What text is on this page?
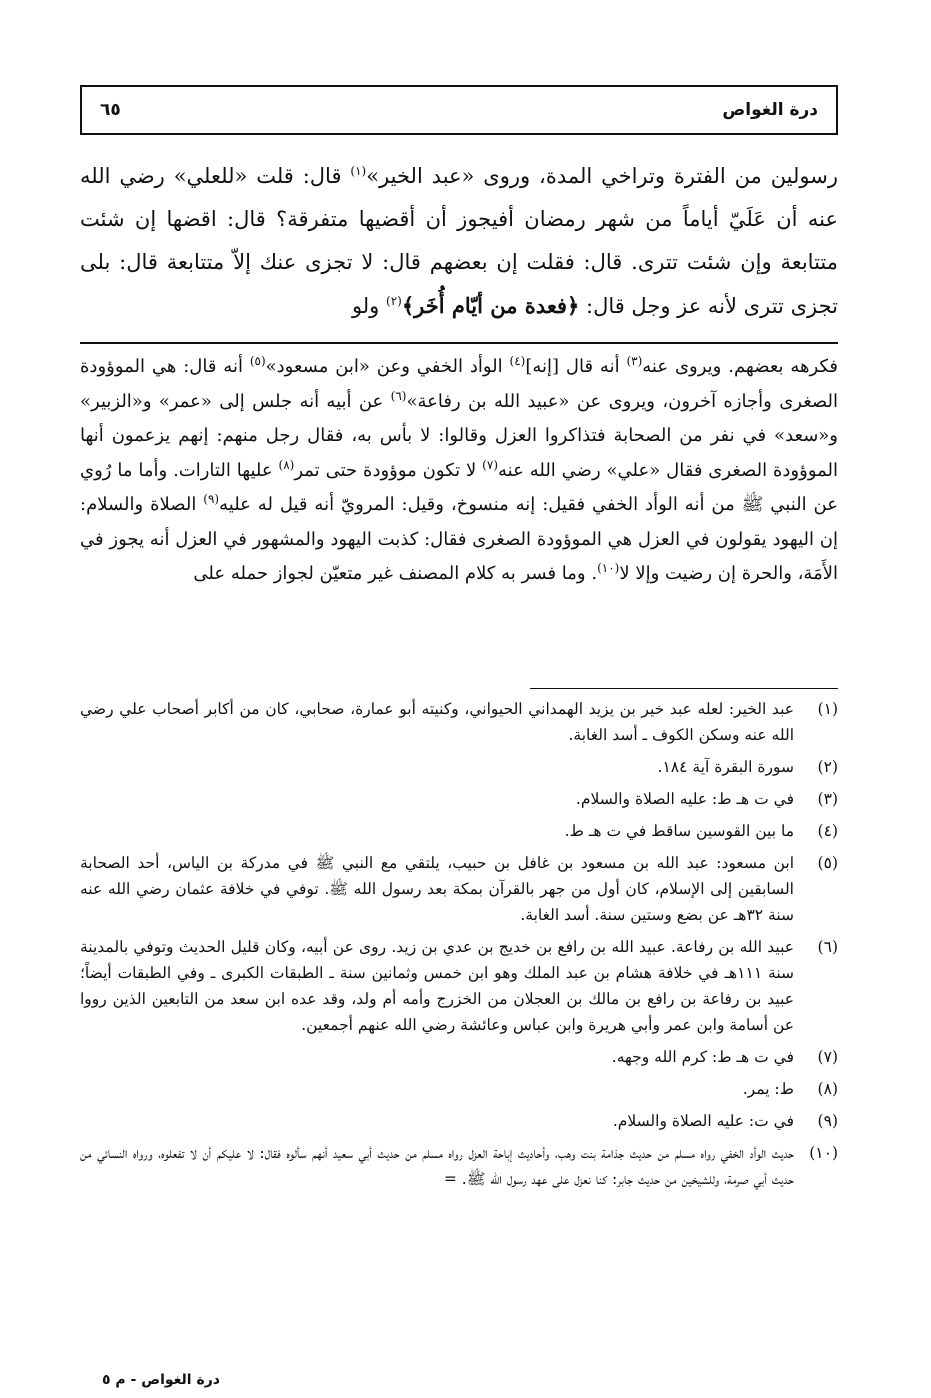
درة الغواص
٦٥

رسولين من الفترة وتراخي المدة، وروى «عبد الخير»$^{(١)}$ قال: قلت «للعلي» رضي الله عنه أن عَلَيّ أياماً من شهر رمضان أفيجوز أن أقضيها متفرقة؟ قال: اقضها إن شئت متتابعة وإن شئت تترى. قال: فقلت إن بعضهم قال: لا تجزى عنك إلاّ متتابعة قال: بلى تجزى تترى لأنه عز وجل قال: ﴿فعدة من أيّام أُخَر﴾$^{(٢)}$ ولو

فكرهه بعضهم. ويروى عنه$^{(٣)}$ أنه قال [إنه]$^{(٤)}$ الوأد الخفي وعن «ابن مسعود»$^{(٥)}$ أنه قال: هي الموؤودة الصغرى وأجازه آخرون، ويروى عن «عبيد الله بن رفاعة»$^{(٦)}$ عن أبيه أنه جلس إلى «عمر» و«الزبير» و«سعد» في نفر من الصحابة فتذاكروا العزل وقالوا: لا بأس به، فقال رجل منهم: إنهم يزعمون أنها الموؤودة الصغرى فقال «علي» رضي الله عنه$^{(٧)}$ لا تكون موؤودة حتى تمر$^{(٨)}$ عليها التارات. وأما ما رُوي عن النبي ﷺ من أنه الوأد الخفي فقيل: إنه منسوخ، وقيل: المرويّ أنه قيل له عليه$^{(٩)}$ الصلاة والسلام: إن اليهود يقولون في العزل هي الموؤودة الصغرى فقال: كذبت اليهود والمشهور في العزل أنه يجوز في الأَمَة، والحرة إن رضيت وإلا لا$^{(١٠)}$. وما فسر به كلام المصنف غير متعيّن لجواز حمله على
(١)
عبد الخير: لعله عبد خير بن يزيد الهمداني الحيواني، وكنيته أبو عمارة، صحابي، كان من أكابر أصحاب علي رضي الله عنه وسكن الكوف ـ أسد الغابة.
(٢)
سورة البقرة آية ١٨٤.
(٣)
في ت هـ ط: عليه الصلاة والسلام.
(٤)
ما بين القوسين ساقط في ت هـ ط.
(٥)
ابن مسعود: عبد الله بن مسعود بن غافل بن حبيب، يلتقي مع النبي ﷺ في مدركة بن الياس، أحد الصحابة السابقين إلى الإسلام، كان أول من جهر بالقرآن بمكة بعد رسول الله ﷺ. توفي في خلافة عثمان رضي الله عنه سنة ٣٢هـ عن بضع وستين سنة. أسد الغابة.
(٦)
عبيد الله بن رفاعة. عبيد الله بن رافع بن خديج بن عدي بن زيد. روى عن أبيه، وكان قليل الحديث وتوفي بالمدينة سنة ١١١هـ في خلافة هشام بن عبد الملك وهو ابن خمس وثمانين سنة ـ الطبقات الكبرى ـ وفي الطبقات أيضاً؛ عبيد بن رفاعة بن رافع بن مالك بن العجلان من الخزرج وأمه أم ولد، وقد عده ابن سعد من التابعين الذين رووا عن أسامة وابن عمر وأبي هريرة وابن عباس وعائشة رضي الله عنهم أجمعين.
(٧)
في ت هـ ط: كرم الله وجهه.
(٨)
ط: يمر.
(٩)
في ت: عليه الصلاة والسلام.
(١٠)
حديث الوأد الخفي رواه مسلم من حديث جذامة بنت وهب، وأحاديث إباحة العزل رواه مسلم من حديث أبي سعيد أنهم سألوه فقال: لا عليكم أن لا تفعلوه، ورواه النسائي من حديث أبي صرمة، وللشيخين من حديث جابر: كنا نعزل على عهد رسول الله ﷺ. =
درة الغواص - م ٥
